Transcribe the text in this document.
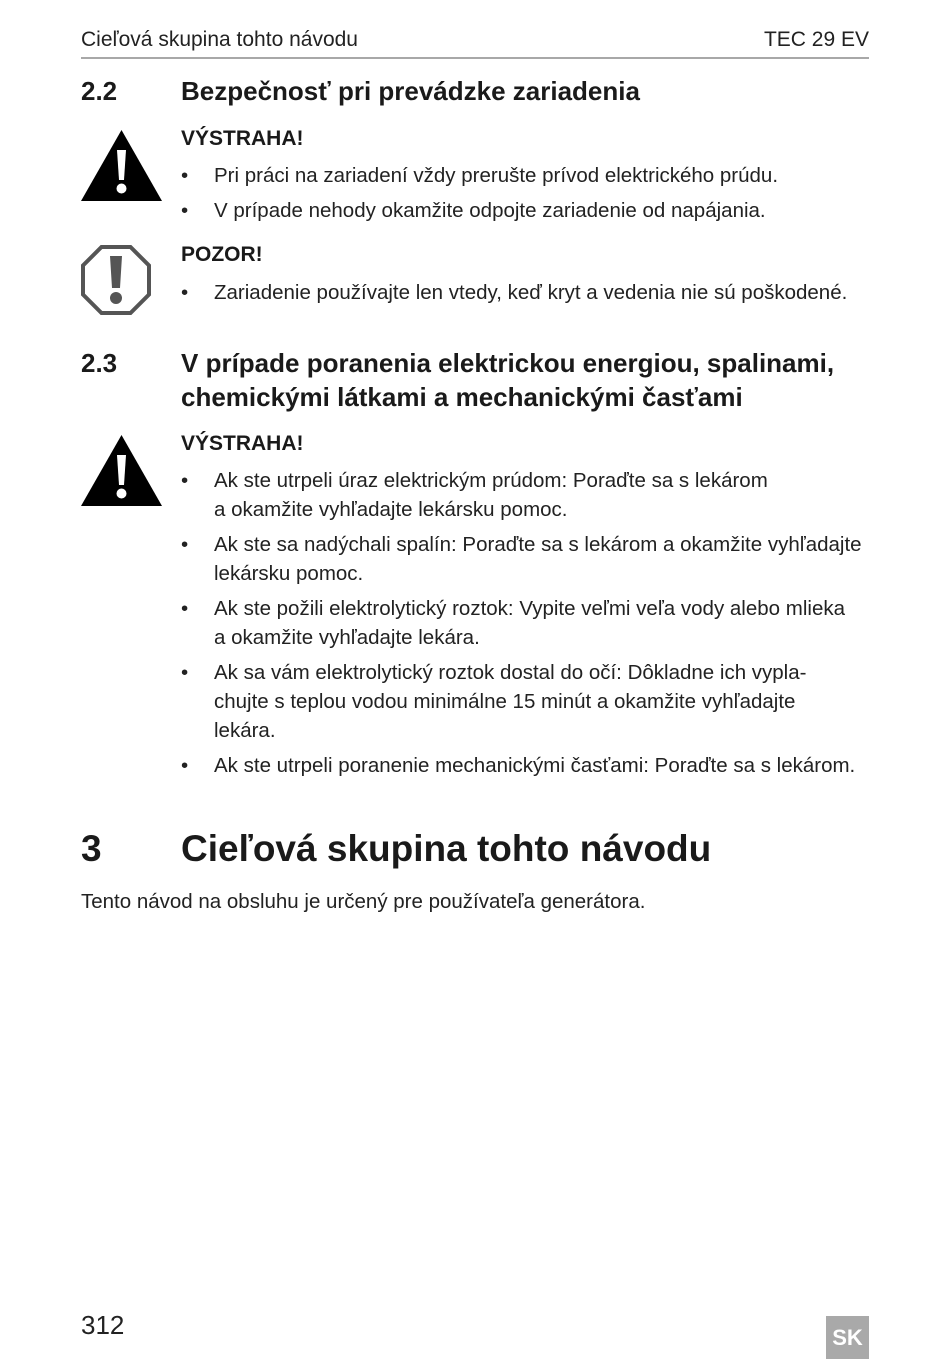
Cieľová skupina tohto návodu	TEC 29 EV
2.2 Bezpečnosť pri prevádzke zariadenia
VÝSTRAHA!
• Pri práci na zariadení vždy prerušte prívod elektrického prúdu.
• V prípade nehody okamžite odpojte zariadenie od napájania.
POZOR!
• Zariadenie používajte len vtedy, keď kryt a vedenia nie sú poškodené.
2.3 V prípade poranenia elektrickou energiou, spalinami,
chemickými látkami a mechanickými časťami
VÝSTRAHA!
• Ak ste utrpeli úraz elektrickým prúdom: Poraďte sa s lekárom
a okamžite vyhľadajte lekársku pomoc.
• Ak ste sa nadýchali spalín: Poraďte sa s lekárom a okamžite vyhľadajte
lekársku pomoc.
• Ak ste požili elektrolytický roztok: Vypite veľmi veľa vody alebo mlieka
a okamžite vyhľadajte lekára.
• Ak sa vám elektrolytický roztok dostal do očí: Dôkladne ich vypla-
chujte s teplou vodou minimálne 15 minút a okamžite vyhľadajte
lekára.
• Ak ste utrpeli poranenie mechanickými časťami: Poraďte sa s lekárom.
3 Cieľová skupina tohto návodu
Tento návod na obsluhu je určený pre používateľa generátora.
312	SK
